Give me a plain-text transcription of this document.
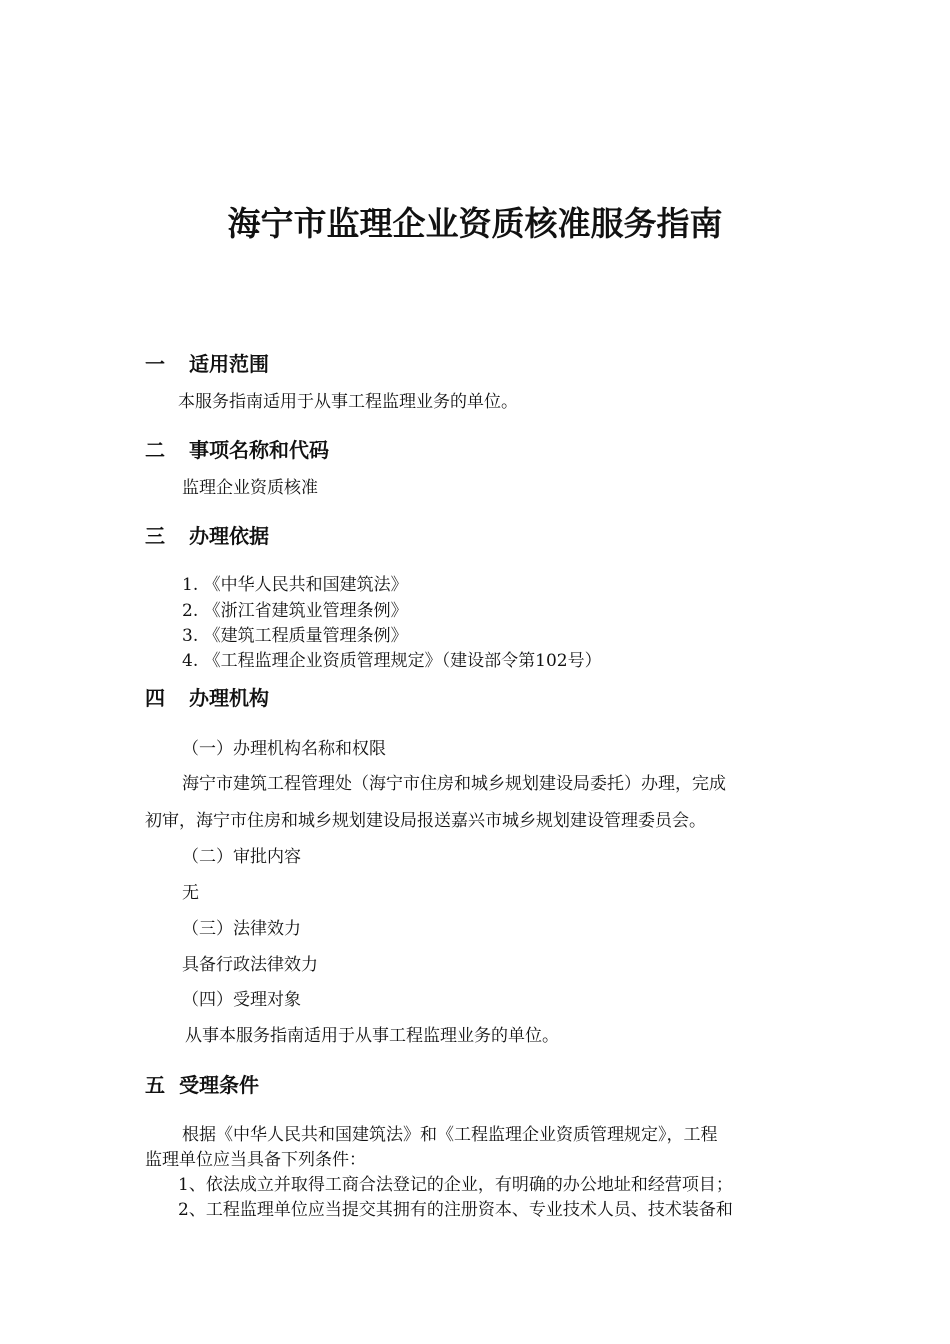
海宁市监理企业资质核准服务指南
一 适用范围
本服务指南适用于从事工程监理业务的单位。
二 事项名称和代码
监理企业资质核准
三 办理依据
1. 《中华人民共和国建筑法》
2. 《浙江省建筑业管理条例》
3. 《建筑工程质量管理条例》
4. 《工程监理企业资质管理规定》（建设部令第102号）
四 办理机构
（一）办理机构名称和权限
海宁市建筑工程管理处（海宁市住房和城乡规划建设局委托）办理，完成
初审，海宁市住房和城乡规划建设局报送嘉兴市城乡规划建设管理委员会。
（二）审批内容
无
（三）法律效力
具备行政法律效力
（四）受理对象
从事本服务指南适用于从事工程监理业务的单位。
五 受理条件
根据《中华人民共和国建筑法》和《工程监理企业资质管理规定》，工程
监理单位应当具备下列条件：
1、依法成立并取得工商合法登记的企业，有明确的办公地址和经营项目；
2、工程监理单位应当提交其拥有的注册资本、专业技术人员、技术装备和
